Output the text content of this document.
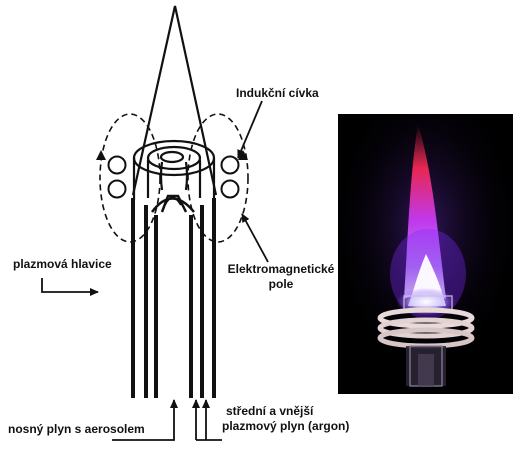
Indukční cívka
plazmová hlavice	Elektromagnetické
pole
nosný plyn s aerosolem
střední a vnější
plazmový plyn (argon)
